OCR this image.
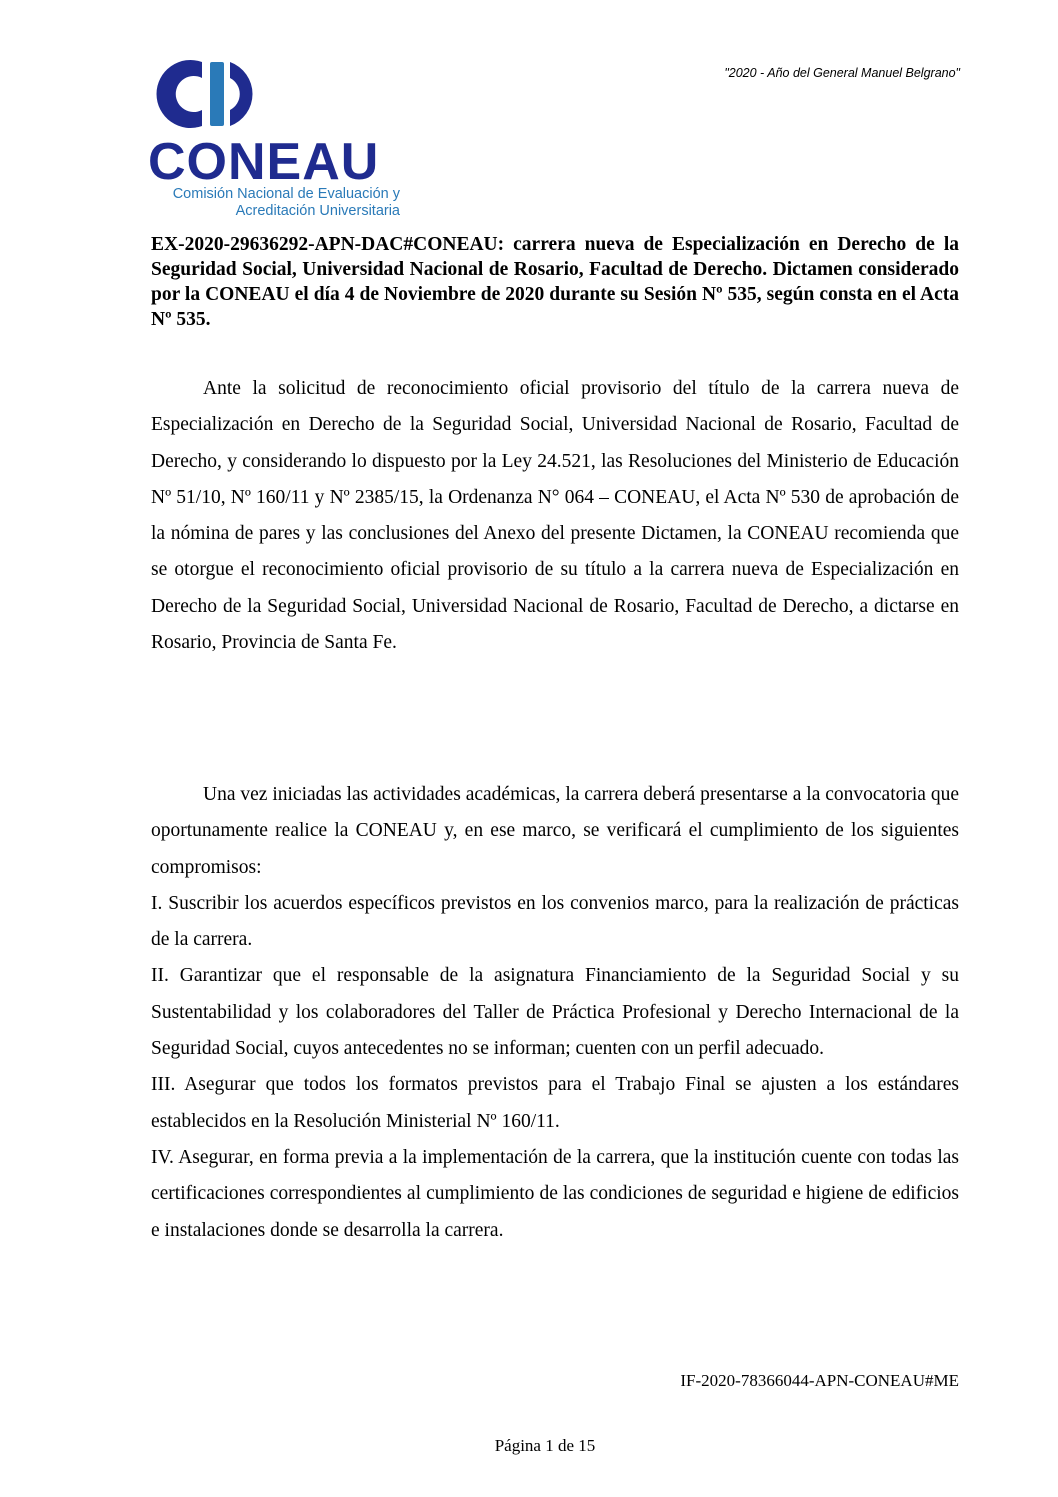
"2020 - Año del General Manuel Belgrano"
CONEAU
Comisión Nacional de Evaluación y
Acreditación Universitaria
EX-2020-29636292-APN-DAC#CONEAU: carrera nueva de Especialización en Derecho de la Seguridad Social, Universidad Nacional de Rosario, Facultad de Derecho. Dictamen considerado por la CONEAU el día 4 de Noviembre de 2020 durante su Sesión Nº 535, según consta en el Acta Nº 535.

Ante la solicitud de reconocimiento oficial provisorio del título de la carrera nueva de Especialización en Derecho de la Seguridad Social, Universidad Nacional de Rosario, Facultad de Derecho, y considerando lo dispuesto por la Ley 24.521, las Resoluciones del Ministerio de Educación Nº 51/10, Nº 160/11 y Nº 2385/15, la Ordenanza N° 064 – CONEAU, el Acta Nº 530 de aprobación de la nómina de pares y las conclusiones del Anexo del presente Dictamen, la CONEAU recomienda que se otorgue el reconocimiento oficial provisorio de su título a la carrera nueva de Especialización en Derecho de la Seguridad Social, Universidad Nacional de Rosario, Facultad de Derecho, a dictarse en Rosario, Provincia de Santa Fe.

Una vez iniciadas las actividades académicas, la carrera deberá presentarse a la convocatoria que oportunamente realice la CONEAU y, en ese marco, se verificará el cumplimiento de los siguientes compromisos:

I. Suscribir los acuerdos específicos previstos en los convenios marco, para la realización de prácticas de la carrera.

II. Garantizar que el responsable de la asignatura Financiamiento de la Seguridad Social y su Sustentabilidad y los colaboradores del Taller de Práctica Profesional y Derecho Internacional de la Seguridad Social, cuyos antecedentes no se informan; cuenten con un perfil adecuado.

III. Asegurar que todos los formatos previstos para el Trabajo Final se ajusten a los estándares establecidos en la Resolución Ministerial Nº 160/11.

IV. Asegurar, en forma previa a la implementación de la carrera, que la institución cuente con todas las certificaciones correspondientes al cumplimiento de las condiciones de seguridad e higiene de edificios e instalaciones donde se desarrolla la carrera.

IF-2020-78366044-APN-CONEAU#ME
Página 1 de 15
